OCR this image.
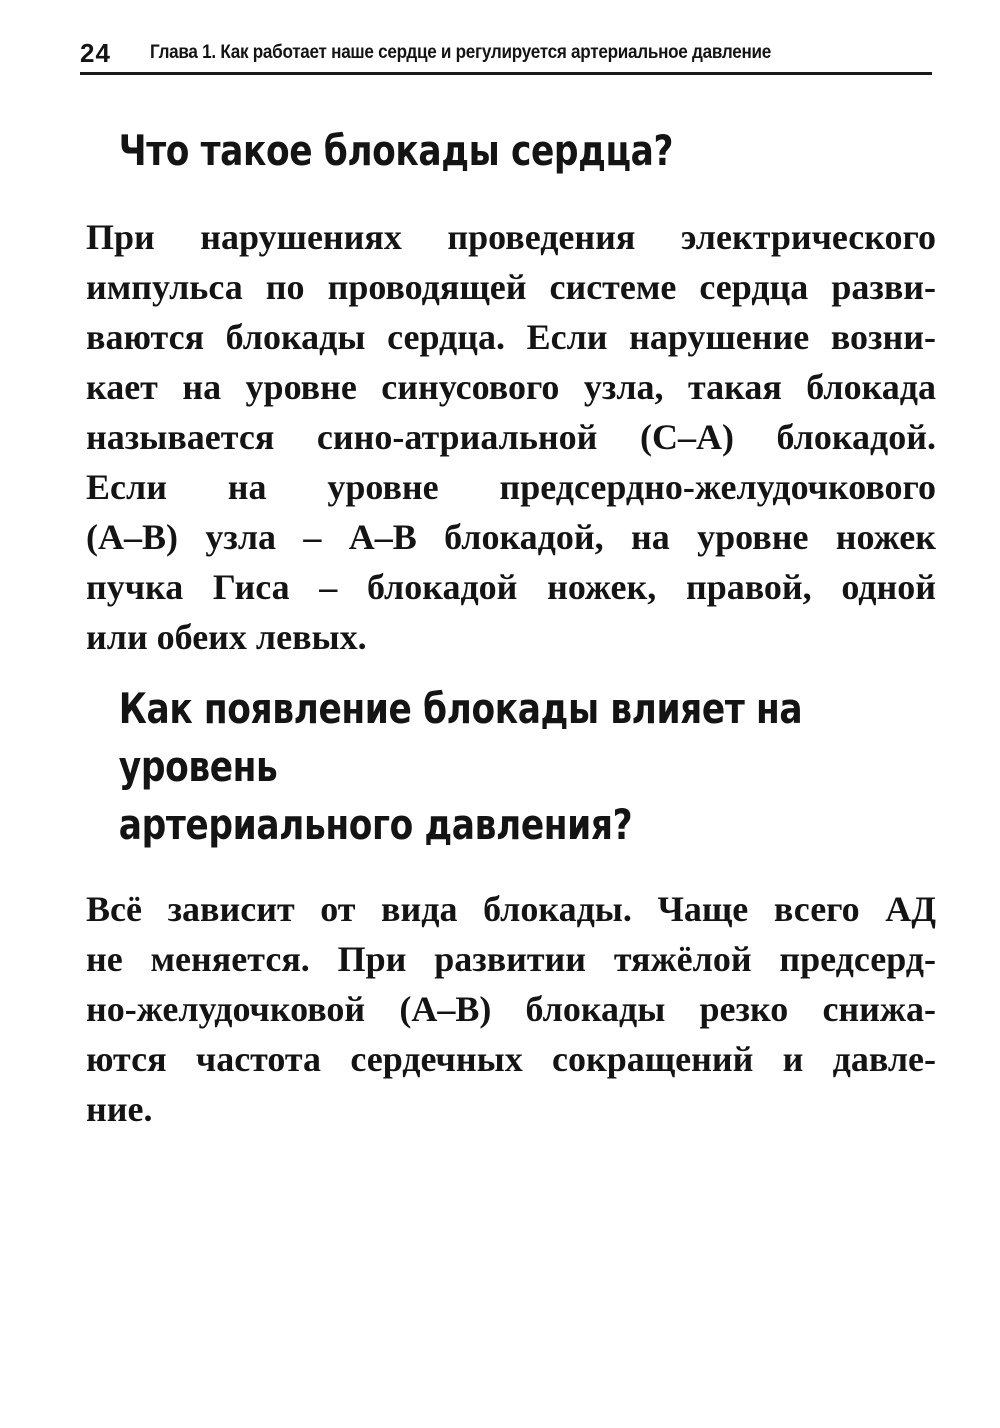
24 Глава 1. Как работает наше сердце и регулируется артериальное давление
Что такое блокады сердца?

При нарушениях проведения электрического
импульса по проводящей системе сердца разви-
ваются блокады сердца. Если нарушение возни-
кает на уровне синусового узла, такая блокада
называется сино-атриальной (С–А) блокадой.
Если на уровне предсердно-желудочкового
(А–В) узла – А–В блокадой, на уровне ножек
пучка Гиса – блокадой ножек, правой, одной
или обеих левых.

Как появление блокады влияет на уровень
артериального давления?

Всё зависит от вида блокады. Чаще всего АД
не меняется. При развитии тяжёлой предсерд-
но-желудочковой (А–В) блокады резко снижа-
ются частота сердечных сокращений и давле-
ние.
